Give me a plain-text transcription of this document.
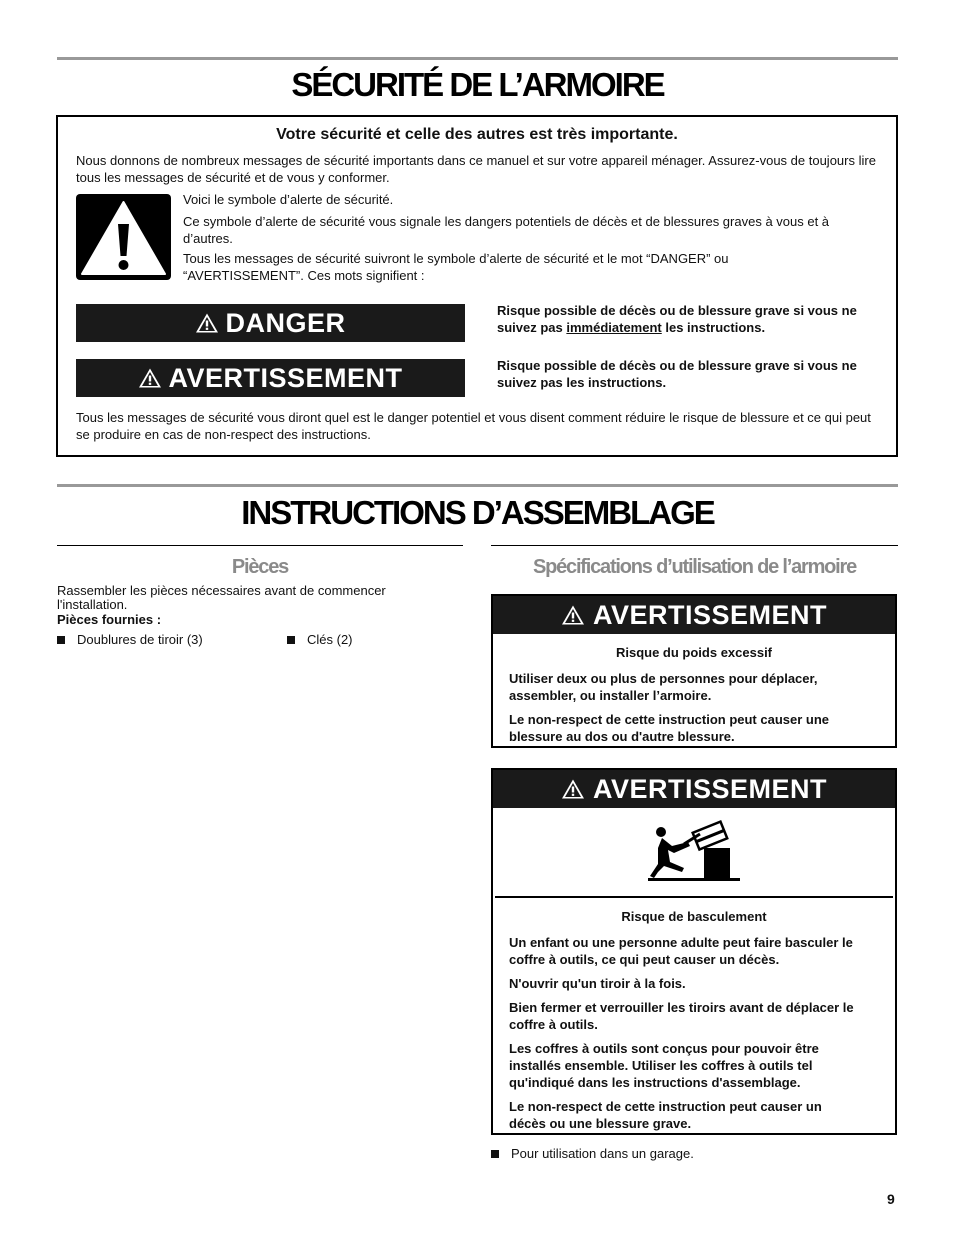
SÉCURITÉ DE L’ARMOIRE
Votre sécurité et celle des autres est très importante.
Nous donnons de nombreux messages de sécurité importants dans ce manuel et sur votre appareil ménager. Assurez-vous de toujours lire tous les messages de sécurité et de vous y conformer.
Voici le symbole d’alerte de sécurité.
Ce symbole d’alerte de sécurité vous signale les dangers potentiels de décès et de blessures graves à vous et à d’autres.
Tous les messages de sécurité suivront le symbole d’alerte de sécurité et le mot “DANGER” ou “AVERTISSEMENT”. Ces mots signifient :
DANGER	Risque possible de décès ou de blessure grave si vous ne suivez pas immédiatement les instructions.
AVERTISSEMENT	Risque possible de décès ou de blessure grave si vous ne suivez pas les instructions.
Tous les messages de sécurité vous diront quel est le danger potentiel et vous disent comment réduire le risque de blessure et ce qui peut se produire en cas de non-respect des instructions.
INSTRUCTIONS D’ASSEMBLAGE
Pièces
Rassembler les pièces nécessaires avant de commencer l'installation.
Pièces fournies :
Doublures de tiroir (3)	Clés (2)
Spécifications d’utilisation de l’armoire
AVERTISSEMENT
Risque du poids excessif
Utiliser deux ou plus de personnes pour déplacer, assembler, ou installer l’armoire.
Le non-respect de cette instruction peut causer une blessure au dos ou d'autre blessure.
AVERTISSEMENT
Risque de basculement
Un enfant ou une personne adulte peut faire basculer le coffre à outils, ce qui peut causer un décès.
N'ouvrir qu'un tiroir à la fois.
Bien fermer et verrouiller les tiroirs avant de déplacer le coffre à outils.
Les coffres à outils sont conçus pour pouvoir être installés ensemble. Utiliser les coffres à outils tel qu'indiqué dans les instructions d'assemblage.
Le non-respect de cette instruction peut causer un décès ou une blessure grave.
Pour utilisation dans un garage.
9
